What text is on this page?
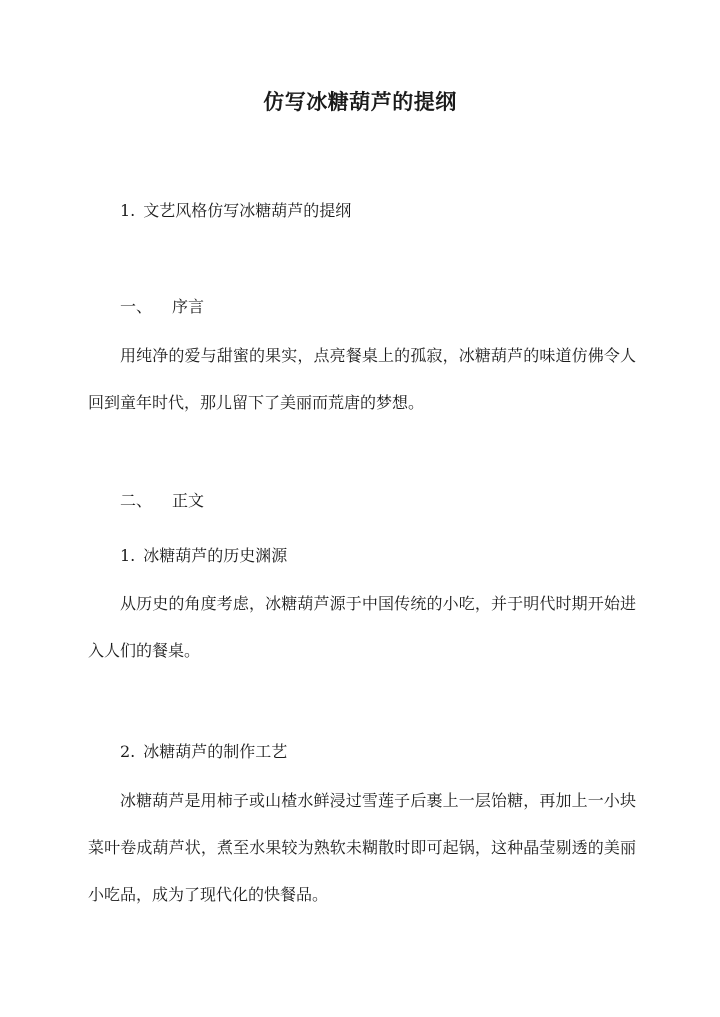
仿写冰糖葫芦的提纲
1. 文艺风格仿写冰糖葫芦的提纲
一、 序言

用纯净的爱与甜蜜的果实，点亮餐桌上的孤寂，冰糖葫芦的味道仿佛令人回到童年时代，那儿留下了美丽而荒唐的梦想。

二、 正文
1. 冰糖葫芦的历史渊源

从历史的角度考虑，冰糖葫芦源于中国传统的小吃，并于明代时期开始进入人们的餐桌。

2. 冰糖葫芦的制作工艺

冰糖葫芦是用柿子或山楂水鲜浸过雪莲子后裹上一层饴糖，再加上一小块菜叶卷成葫芦状，煮至水果较为熟软未糊散时即可起锅，这种晶莹剔透的美丽小吃品，成为了现代化的快餐品。
